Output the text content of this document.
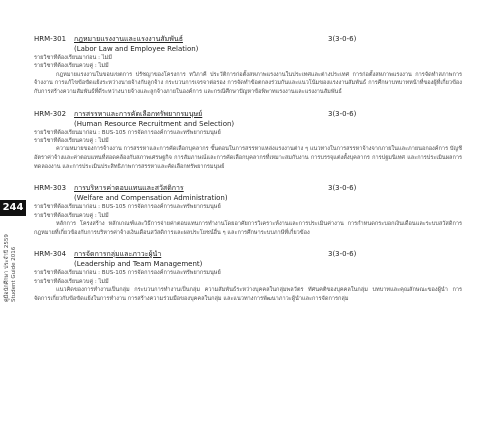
244
คู่มือนักศึกษา ประจำปี 2559 Student Guide 2016
HRM-301 กฎหมายแรงงานและแรงงานสัมพันธ์	3(3-0-6)
(Labor Law and Employee Relation)
รายวิชาที่ต้องเรียนมาก่อน : ไม่มี
รายวิชาที่ต้องเรียนควบคู่ : ไม่มี
กฎหมายแรงงานในขอบเขตการ ปรัชญาของโครงการ ทวิภาคี ประวัติการก่อตั้งสหภาพแรงงานในประเทศและต่างประเทศ การก่อตั้งสหภาพแรงงาน การจัดทำสภาพการจ้างงาน การแก้ไขข้อขัดแย้งระหว่างนายจ้างกับลูกจ้าง กระบวนการเจรจาต่อรอง การจัดทำข้อตกลงร่วมกันและแนวโน้มของแรงงานสัมพันธ์ การศึกษาบทบาทหน้าที่ของผู้ที่เกี่ยวข้องกับการสร้างความสัมพันธ์ที่ดีระหว่างนายจ้างและลูกจ้างภายในองค์การ และกรณีศึกษาปัญหาข้อพิพาทแรงงานและแรงงานสัมพันธ์
HRM-302 การสรรหาและการคัดเลือกทรัพยากรมนุษย์	3(3-0-6)
(Human Resource Recruitment and Selection)
รายวิชาที่ต้องเรียนมาก่อน : BUS-105 การจัดการองค์การและทรัพยากรมนุษย์
รายวิชาที่ต้องเรียนควบคู่ : ไม่มี
ความหมายของการจ้างงาน การสรรหาและการคัดเลือกบุคลากร ขั้นตอนในการสรรหาแหล่งแรงงานต่าง ๆ แนวทางในการสรรหาจ้างจากภายในและภายนอกองค์การ บัญชีอัตราค่าจ้างและค่าตอบแทนที่สอดคล้องกับสภาพเศรษฐกิจ การสัมภาษณ์และการคัดเลือกบุคลากรที่เหมาะสมกับงาน การบรรจุแต่งตั้งบุคลากร การปฐมนิเทศ และการประเมินผลการทดลองงาน และการประเมินประสิทธิภาพการสรรหาและคัดเลือกทรัพยากรมนุษย์
HRM-303 การบริหารค่าตอบแทนและสวัสดิการ	3(3-0-6)
(Welfare and Compensation Administration)
รายวิชาที่ต้องเรียนมาก่อน : BUS-105 การจัดการองค์การและทรัพยากรมนุษย์
รายวิชาที่ต้องเรียนควบคู่ : ไม่มี
หลักการ โครงสร้าง หลักเกณฑ์และวิธีการจ่ายค่าตอบแทนการทำงานโดยอาศัยการวิเคราะห์งานและการประเมินค่างาน การกำหนดกระบอกเงินเดือนและระบบสวัสดิการ กฎหมายที่เกี่ยวข้องกับการบริหารค่าจ้างเงินเดือนสวัสดิการและผลประโยชน์อื่น ๆ และการศึกษาระบบภาษีที่เกี่ยวข้อง
HRM-304 การจัดการกลุ่มและภาวะผู้นำ	3(3-0-6)
(Leadership and Team Management)
รายวิชาที่ต้องเรียนมาก่อน : BUS-105 การจัดการองค์การและทรัพยากรมนุษย์
รายวิชาที่ต้องเรียนควบคู่ : ไม่มี
แนวคิดของการทำงานเป็นกลุ่ม กระบวนการทำงานเป็นกลุ่ม ความสัมพันธ์ระหว่างบุคคลในกลุ่มพลวัตร ทัศนคติของบุคคลในกลุ่ม บทบาทและคุณลักษณะของผู้นำ การจัดการเกี่ยวกับข้อขัดแย้งในการทำงาน การสร้างความร่วมมือของบุคคลในกลุ่ม และแนวทางการพัฒนาภาวะผู้นำและการจัดการกลุ่ม
